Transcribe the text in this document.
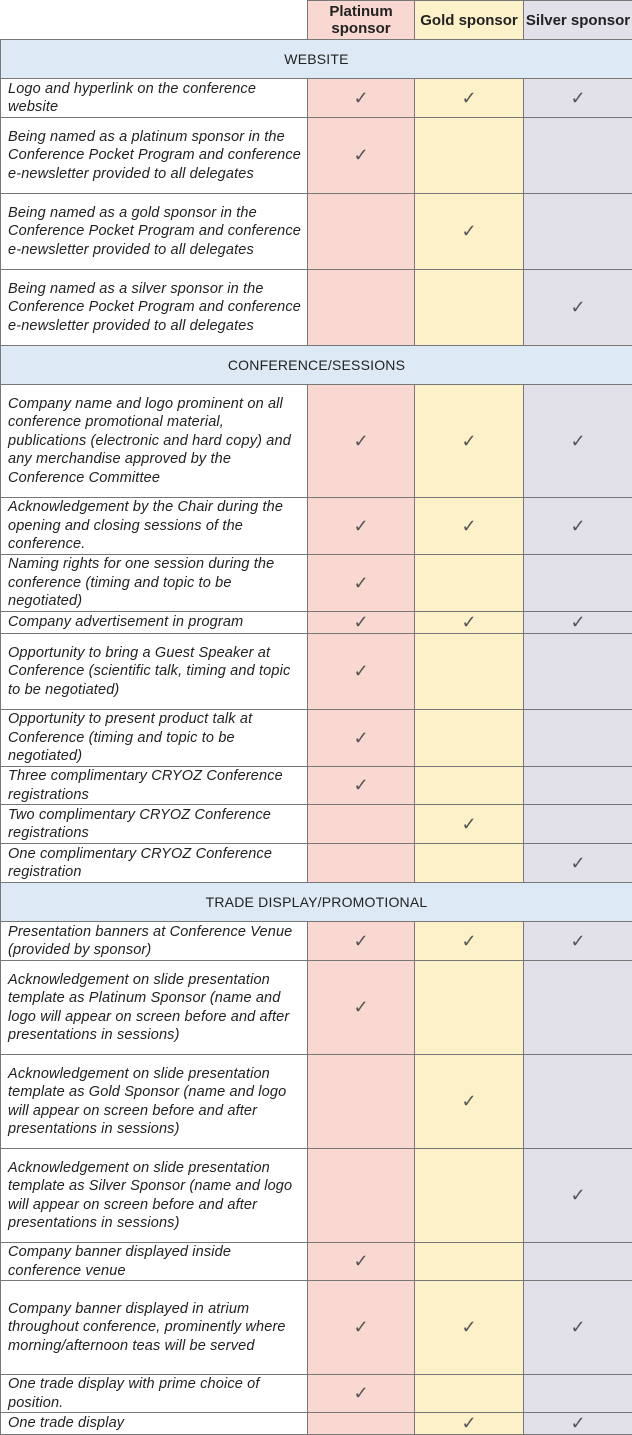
	Platinum sponsor	Gold sponsor	Silver sponsor
WEBSITE			
Logo and hyperlink on the conference website	✓	✓	✓
Being named as a platinum sponsor in the Conference Pocket Program and conference e-newsletter provided to all delegates	✓		
Being named as a gold sponsor in the Conference Pocket Program and conference e-newsletter provided to all delegates		✓	
Being named as a silver sponsor in the Conference Pocket Program and conference e-newsletter provided to all delegates			✓
CONFERENCE/SESSIONS			
Company name and logo prominent on all conference promotional material, publications (electronic and hard copy) and any merchandise approved by the Conference Committee	✓	✓	✓
Acknowledgement by the Chair during the opening and closing sessions of the conference.	✓	✓	✓
Naming rights for one session during the conference (timing and topic to be negotiated)	✓		
Company advertisement in program	✓	✓	✓
Opportunity to bring a Guest Speaker at Conference (scientific talk, timing and topic to be negotiated)	✓		
Opportunity to present product talk at Conference (timing and topic to be negotiated)	✓		
Three complimentary CRYOZ Conference registrations	✓		
Two complimentary CRYOZ Conference registrations		✓	
One complimentary CRYOZ Conference registration			✓
TRADE DISPLAY/PROMOTIONAL			
Presentation banners at Conference Venue (provided by sponsor)	✓	✓	✓
Acknowledgement on slide presentation template as Platinum Sponsor (name and logo will appear on screen before and after presentations in sessions)	✓		
Acknowledgement on slide presentation template as Gold Sponsor (name and logo will appear on screen before and after presentations in sessions)		✓	
Acknowledgement on slide presentation template as Silver Sponsor (name and logo will appear on screen before and after presentations in sessions)			✓
Company banner displayed inside conference venue	✓		
Company banner displayed in atrium throughout conference, prominently where morning/afternoon teas will be served	✓	✓	✓
One trade display with prime choice of position.	✓		
One trade display		✓	✓
